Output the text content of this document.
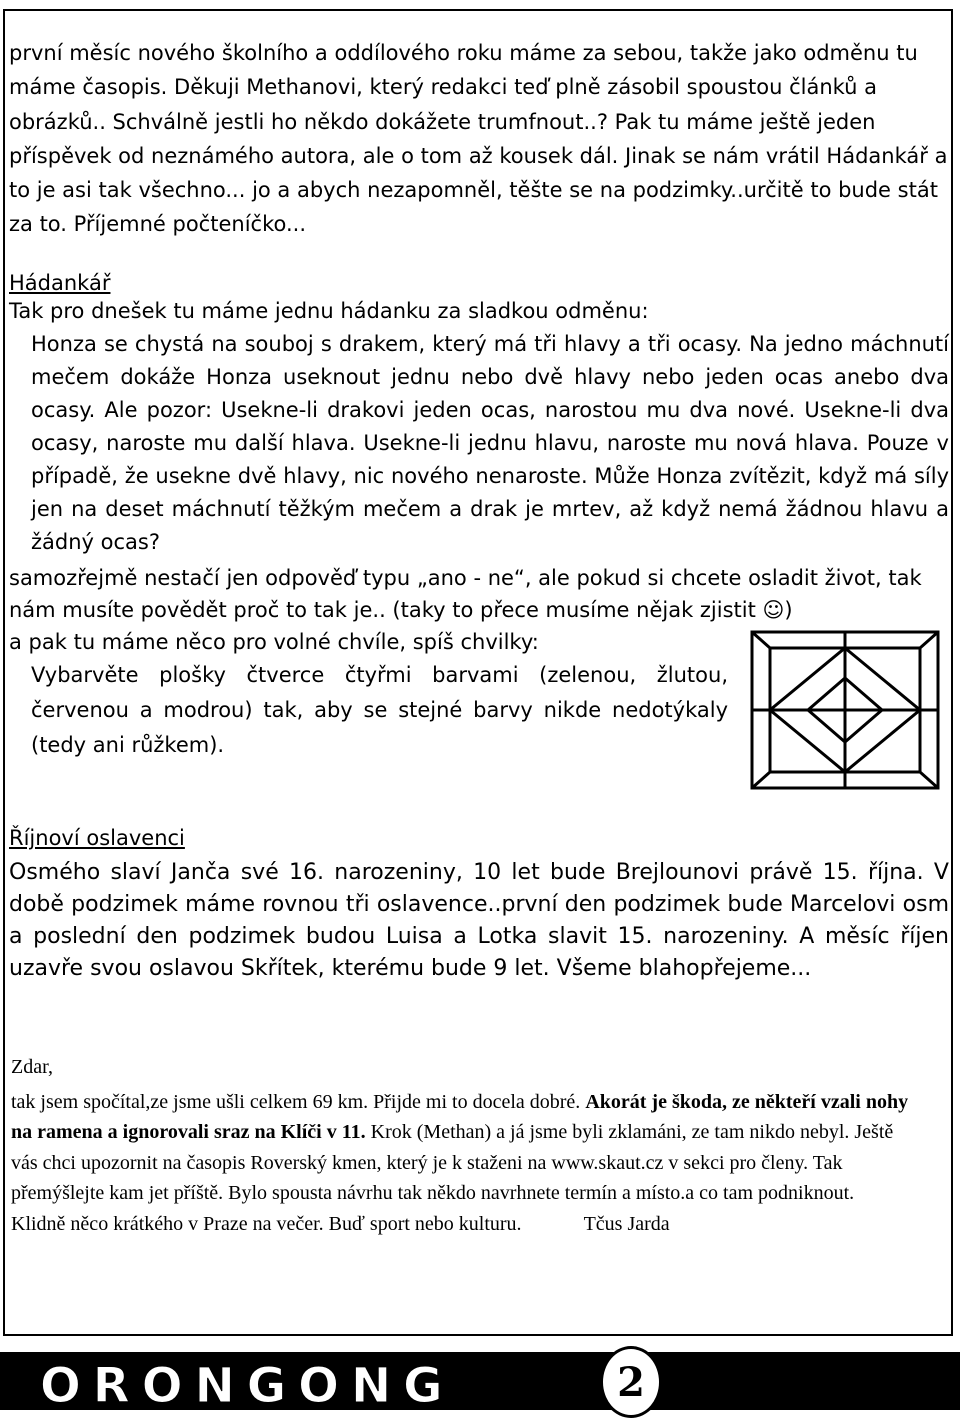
první měsíc nového školního a oddílového roku máme za sebou, takže jako odměnu tu máme časopis. Děkuji Methanovi, který redakci teď plně zásobil spoustou článků a obrázků.. Schválně jestli ho někdo dokážete trumfnout..? Pak tu máme ještě jeden příspěvek od neznámého autora, ale o tom až kousek dál. Jinak se nám vrátil Hádankář a to je asi tak všechno... jo a abych nezapomněl, těšte se na podzimky..určitě to bude stát za to. Příjemné počteníčko...

Hádankář

Tak pro dnešek tu máme jednu hádanku za sladkou odměnu:

Honza se chystá na souboj s drakem, který má tři hlavy a tři ocasy. Na jedno máchnutí mečem dokáže Honza useknout jednu nebo dvě hlavy nebo jeden ocas anebo dva ocasy. Ale pozor: Usekne-li drakovi jeden ocas, narostou mu dva nové. Usekne-li dva ocasy, naroste mu další hlava. Usekne-li jednu hlavu, naroste mu nová hlava. Pouze v případě, že usekne dvě hlavy, nic nového nenaroste. Může Honza zvítězit, když má síly jen na deset máchnutí těžkým mečem a drak je mrtev, až když nemá žádnou hlavu a žádný ocas?

samozřejmě nestačí jen odpověď typu „ano - ne“, ale pokud si chcete osladit život, tak nám musíte povědět proč to tak je.. (taky to přece musíme nějak zjistit ☺)

a pak tu máme něco pro volné chvíle, spíš chvilky:

Vybarvěte plošky čtverce čtyřmi barvami (zelenou, žlutou, červenou a modrou) tak, aby se stejné barvy nikde nedotýkaly (tedy ani růžkem).

Říjnoví oslavenci

Osmého slaví Janča své 16. narozeniny, 10 let bude Brejlounovi právě 15. října. V době podzimek máme rovnou tři oslavence..první den podzimek bude Marcelovi osm a poslední den podzimek budou Luisa a Lotka slavit 15. narozeniny. A měsíc říjen uzavře svou oslavou Skřítek, kterému bude 9 let. Všeme blahopřejeme...

Zdar,
tak jsem spočítal,ze jsme ušli celkem 69 km. Přijde mi to docela dobré. Akorát je škoda, ze někteří vzali nohy na ramena a ignorovali sraz na Klíči v 11. Krok (Methan) a já jsme byli zklamáni, ze tam nikdo nebyl. Ještě vás chci upozornit na časopis Roverský kmen, který je k staženi na www.skaut.cz v sekci pro členy. Tak přemýšlejte kam jet příště. Bylo spousta návrhu tak někdo navrhnete termín a místo.a co tam podniknout. Klidně něco krátkého v Praze na večer. Buď sport nebo kulturu.	Tčus Jarda
ORONGONG	2
